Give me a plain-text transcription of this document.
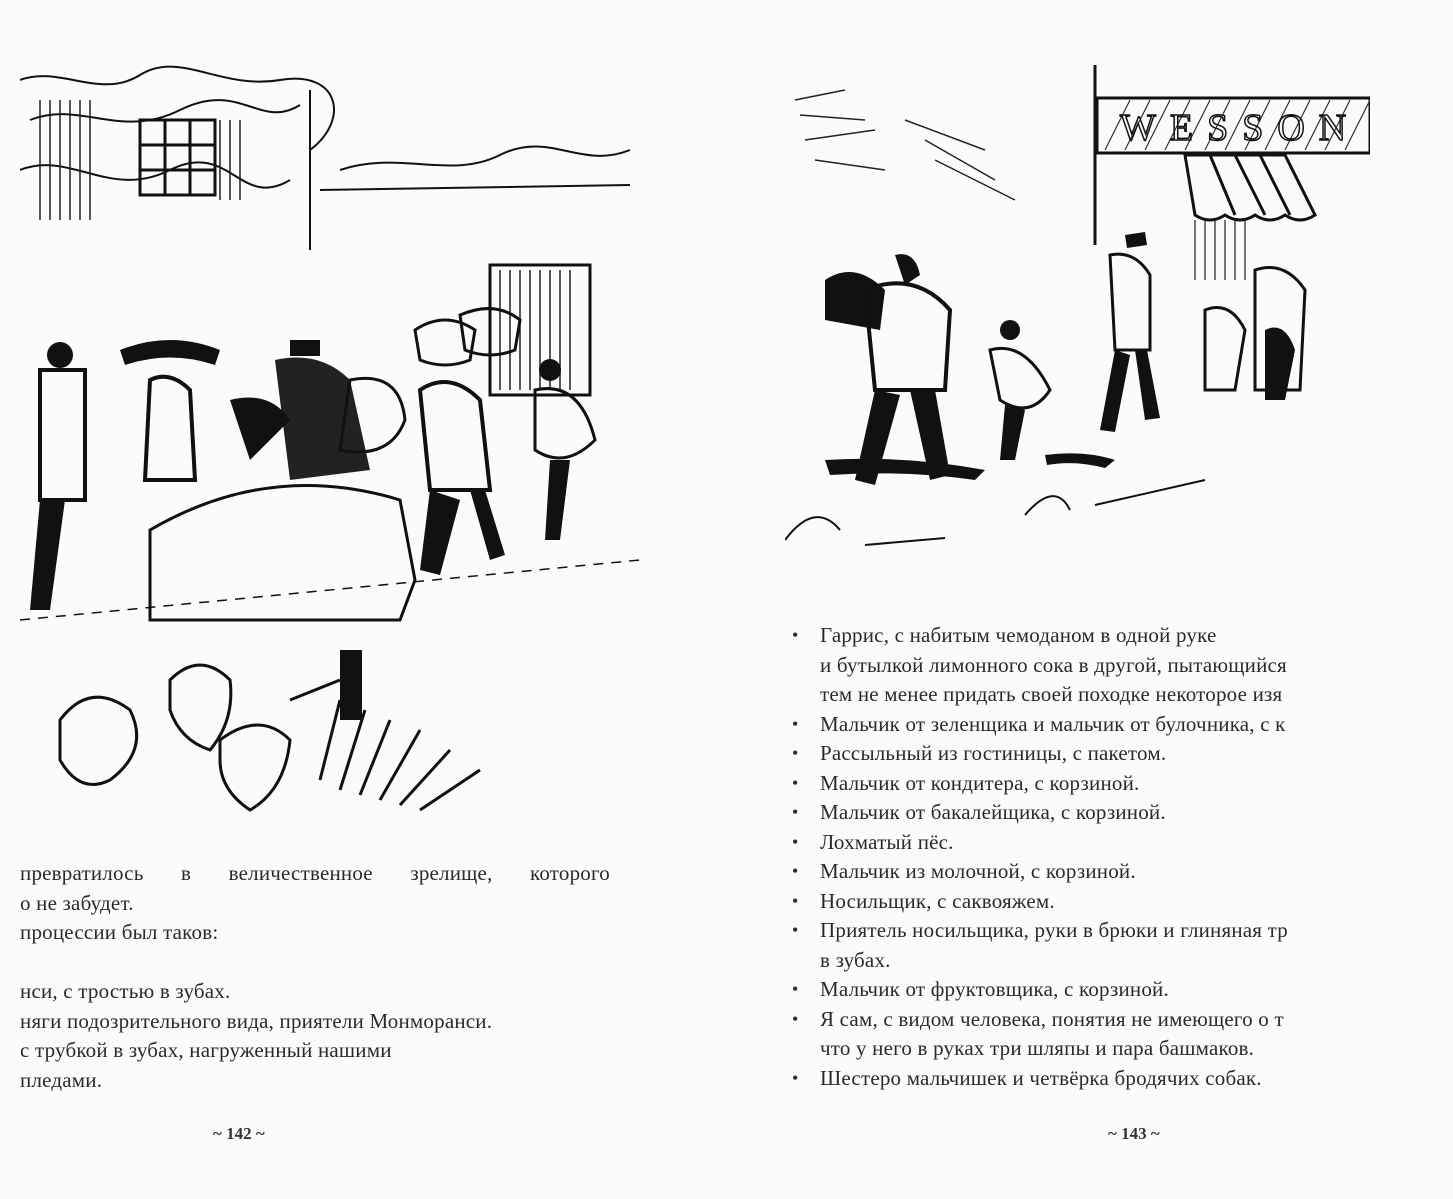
превратилось в величественное зрелище, которого
о не забудет.
процессии был таков:
нси, с тростью в зубах.
няги подозрительного вида, приятели Монморанси.
с трубкой в зубах, нагруженный нашими
пледами.
~ 142 ~
WESSON
• Гаррис, с набитым чемоданом в одной руке
и бутылкой лимонного сока в другой, пытающийся
тем не менее придать своей походке некоторое изя
• Мальчик от зеленщика и мальчик от булочника, с к
• Рассыльный из гостиницы, с пакетом.
• Мальчик от кондитера, с корзиной.
• Мальчик от бакалейщика, с корзиной.
• Лохматый пёс.
• Мальчик из молочной, с корзиной.
• Носильщик, с саквояжем.
• Приятель носильщика, руки в брюки и глиняная тр
в зубах.
• Мальчик от фруктовщика, с корзиной.
• Я сам, с видом человека, понятия не имеющего о т
что у него в руках три шляпы и пара башмаков.
• Шестеро мальчишек и четвёрка бродячих собак.
~ 143 ~
